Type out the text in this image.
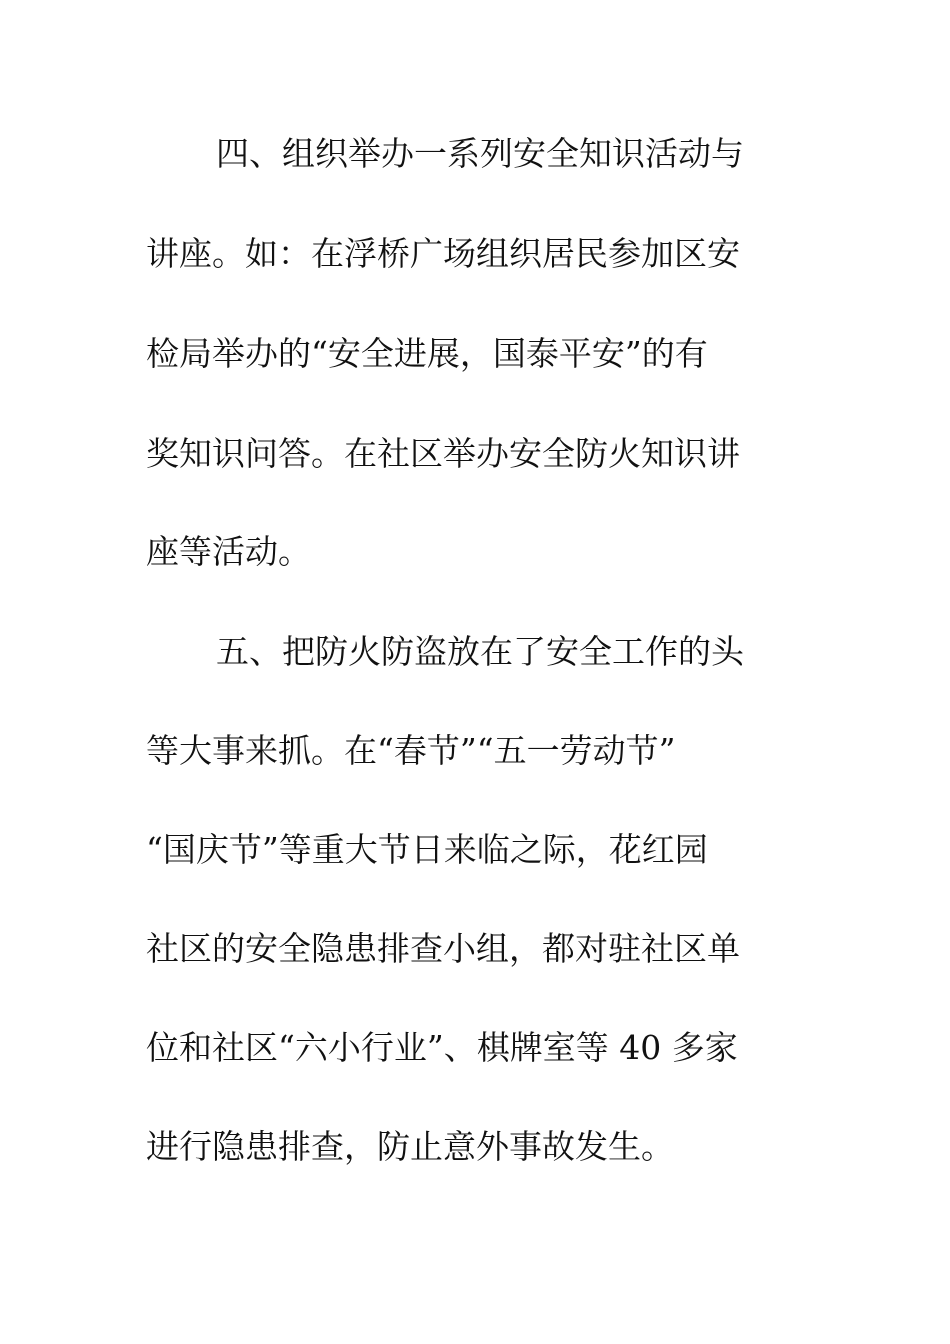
四、组织举办一系列安全知识活动与
讲座。如：在浮桥广场组织居民参加区安
检局举办的“安全进展，国泰平安”的有
奖知识问答。在社区举办安全防火知识讲
座等活动。
五、把防火防盗放在了安全工作的头
等大事来抓。在“春节”“五一劳动节”
“国庆节”等重大节日来临之际，花红园
社区的安全隐患排查小组，都对驻社区单
位和社区“六小行业”、棋牌室等 40 多家
进行隐患排查，防止意外事故发生。
